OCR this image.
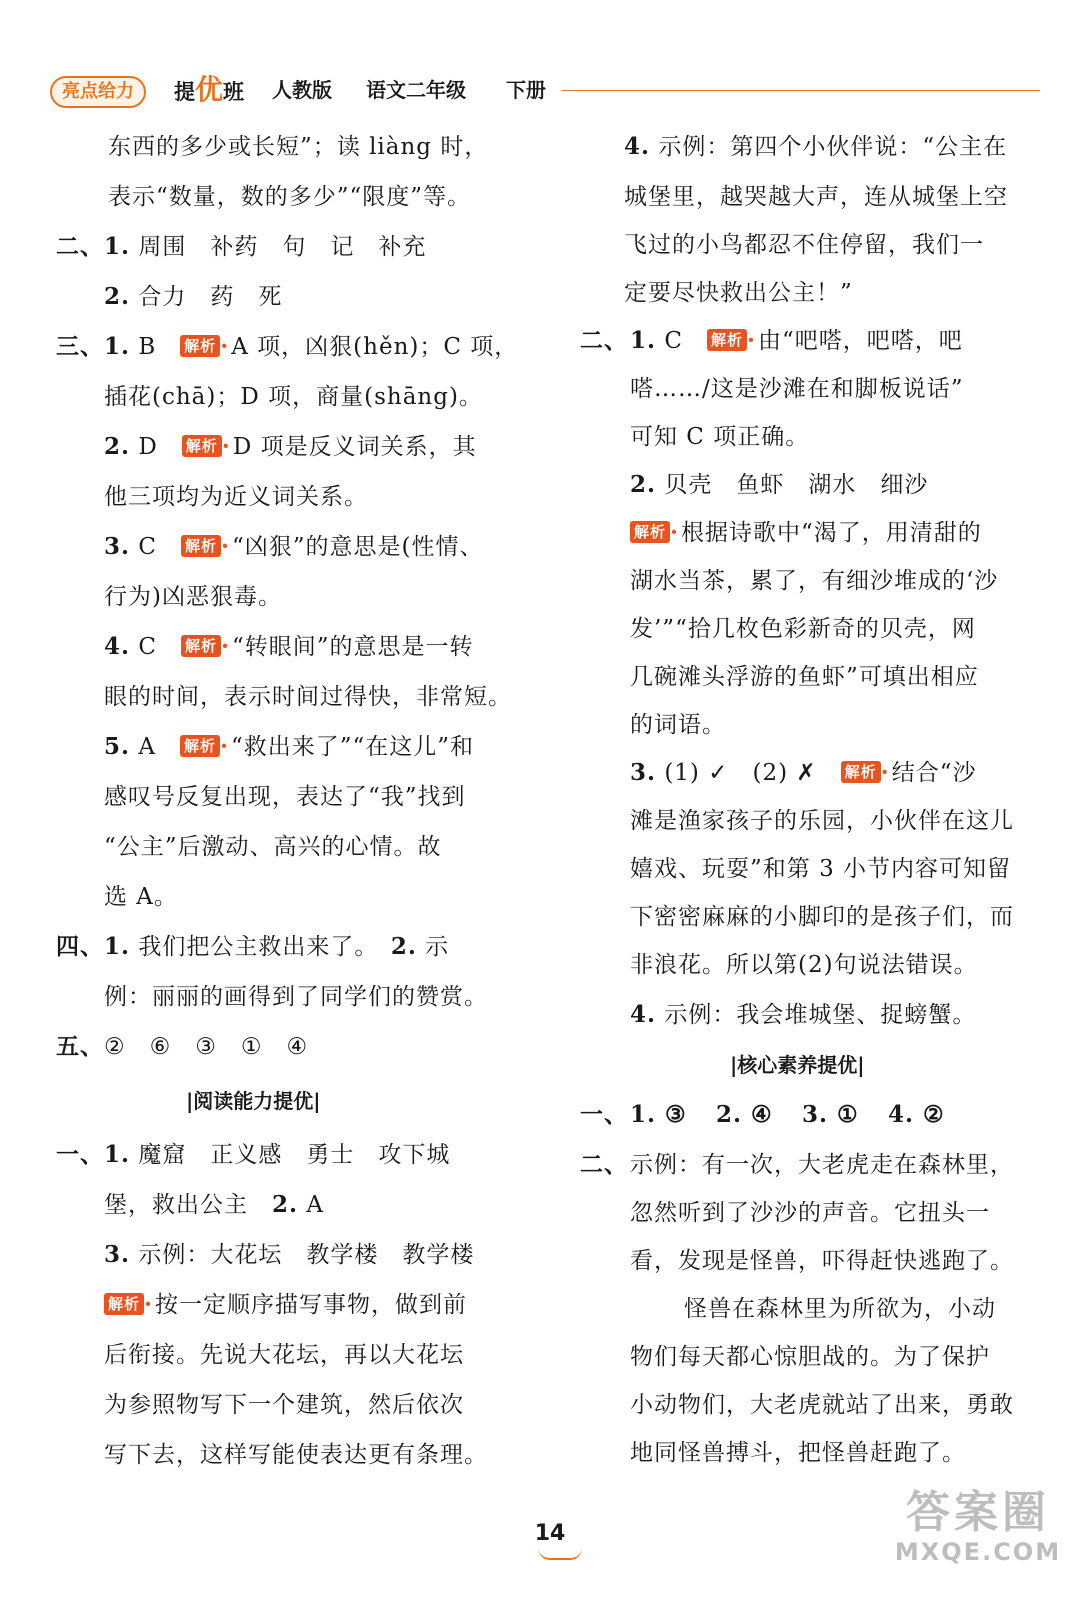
亮点给力	提优班 人教版 语文二年级 下册
东西的多少或长短”；读 liàng 时，
表示“数量，数的多少”“限度”等。
二、 1. 周围　补药　句　记　补充
2. 合力　药　死
三、 1. B　 解析 ·A 项，凶狠(hěn)；C 项，
插花(chā)；D 项，商量(shāng)。
2. D　 解析 ·D 项是反义词关系，其
他三项均为近义词关系。
3. C　 解析 ·“凶狠”的意思是(性情、
行为)凶恶狠毒。
4. C　 解析 ·“转眼间”的意思是一转
眼的时间，表示时间过得快，非常短。
5. A　 解析 ·“救出来了”“在这儿”和
感叹号反复出现，表达了“我”找到
“公主”后激动、高兴的心情。故
选 A。
四、 1. 我们把公主救出来了。　 2. 示
例：丽丽的画得到了同学们的赞赏。
五、 ②　⑥　③　①　④
|阅读能力提优|
一、 1. 魔窟　正义感　勇士　攻下城
堡，救出公主　 2. A
3. 示例：大花坛　教学楼　教学楼
解析 ·按一定顺序描写事物，做到前
后衔接。先说大花坛，再以大花坛
为参照物写下一个建筑，然后依次
写下去，这样写能使表达更有条理。
4. 示例：第四个小伙伴说：“公主在
城堡里，越哭越大声，连从城堡上空
飞过的小鸟都忍不住停留，我们一
定要尽快救出公主！”
二、 1. C　 解析 ·由“吧嗒，吧嗒，吧
嗒……/这是沙滩在和脚板说话”
可知 C 项正确。
2. 贝壳　鱼虾　湖水　细沙
解析 ·根据诗歌中“渴了，用清甜的
湖水当茶，累了，有细沙堆成的‘沙
发’”“拾几枚色彩新奇的贝壳，网
几碗滩头浮游的鱼虾”可填出相应
的词语。
3. (1) ✓　(2) ✗　 解析 ·结合“沙
滩是渔家孩子的乐园，小伙伴在这儿
嬉戏、玩耍”和第 3 小节内容可知留
下密密麻麻的小脚印的是孩子们，而
非浪花。所以第(2)句说法错误。
4. 示例：我会堆城堡、捉螃蟹。
|核心素养提优|
一、 1. ③ 2. ④ 3. ① 4. ②
二、 示例：有一次，大老虎走在森林里，
忽然听到了沙沙的声音。它扭头一
看，发现是怪兽，吓得赶快逃跑了。
怪兽在森林里为所欲为，小动
物们每天都心惊胆战的。为了保护
小动物们，大老虎就站了出来，勇敢
地同怪兽搏斗，把怪兽赶跑了。
14	答案圈
MXQE.COM
